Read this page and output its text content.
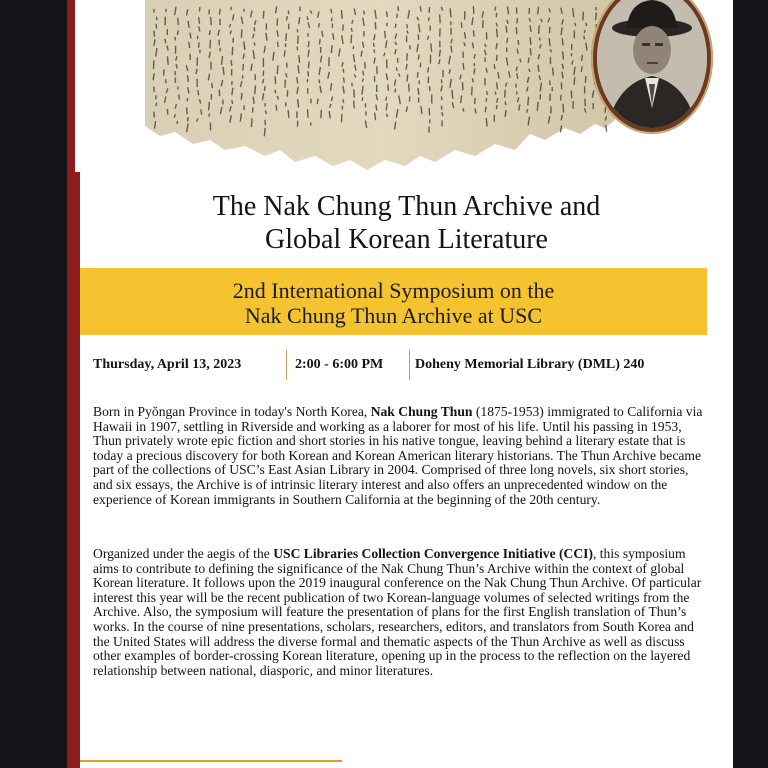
The Nak Chung Thun Archive and
Global Korean Literature
2nd International Symposium on the
Nak Chung Thun Archive at USC
Thursday, April 13, 2023	2:00 - 6:00 PM Doheny Memorial Library (DML) 240
Born in Pyŏngan Province in today's North Korea, Nak Chung Thun (1875-1953) immigrated to California via Hawaii in 1907, settling in Riverside and working as a laborer for most of his life. Until his passing in 1953, Thun privately wrote epic fiction and short stories in his native tongue, leaving behind a literary estate that is today a precious discovery for both Korean and Korean American literary historians. The Thun Archive became part of the collections of USC’s East Asian Library in 2004. Comprised of three long novels, six short stories, and six essays, the Archive is of intrinsic literary interest and also offers an unprecedented window on the experience of Korean immigrants in Southern California at the beginning of the 20th century.
Organized under the aegis of the USC Libraries Collection Convergence Initiative (CCI), this symposium aims to contribute to defining the significance of the Nak Chung Thun’s Archive within the context of global Korean literature. It follows upon the 2019 inaugural conference on the Nak Chung Thun Archive. Of particular interest this year will be the recent publication of two Korean-language volumes of selected writings from the Archive. Also, the symposium will feature the presentation of plans for the first English translation of Thun’s works. In the course of nine presentations, scholars, researchers, editors, and translators from South Korea and the United States will address the diverse formal and thematic aspects of the Thun Archive as well as discuss other examples of border-crossing Korean literature, opening up in the process to the reflection on the layered relationship between national, diasporic, and minor literatures.
